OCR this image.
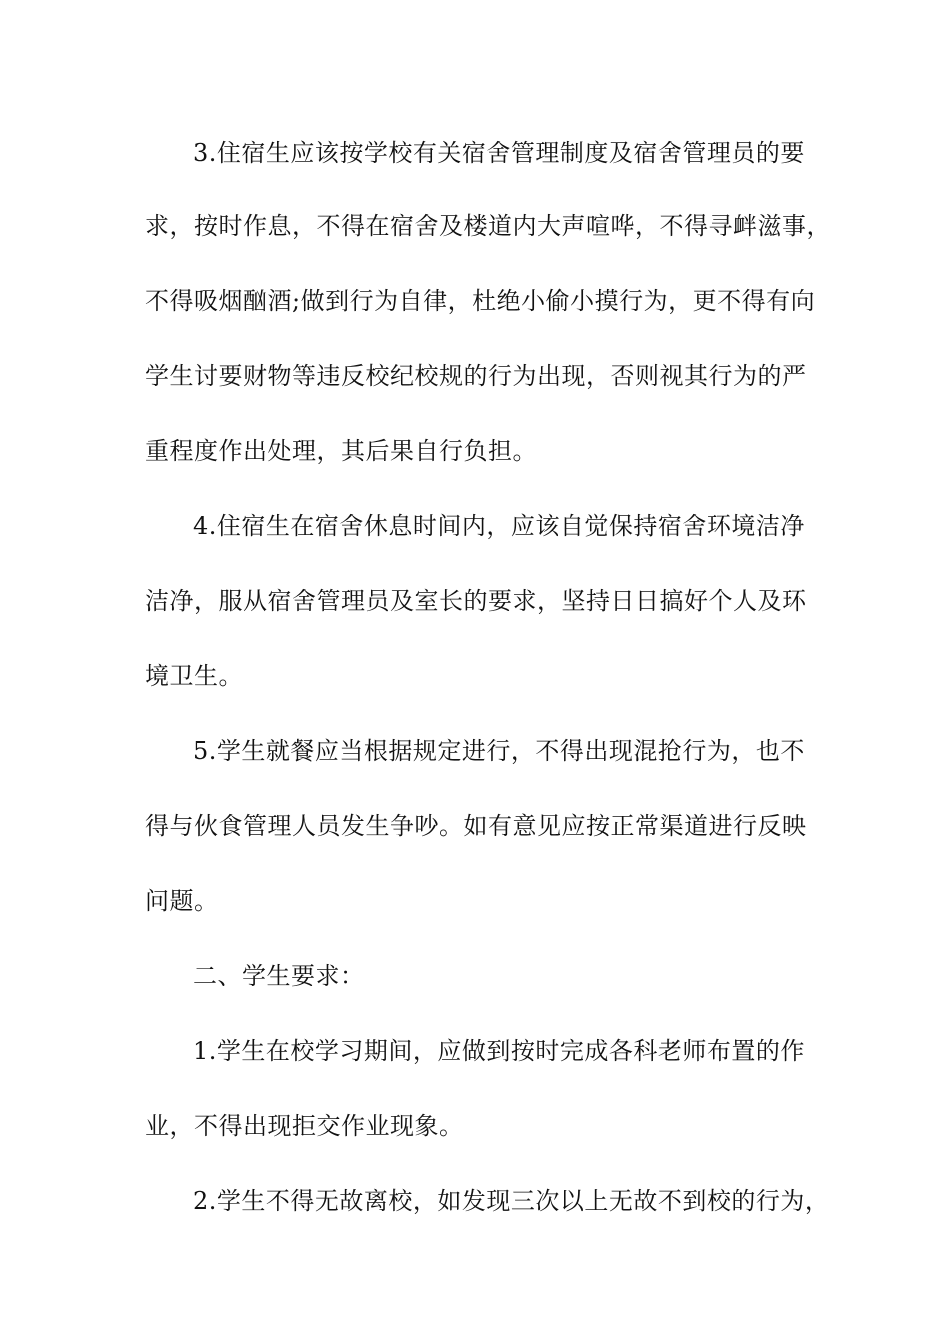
3.住宿生应该按学校有关宿舍管理制度及宿舍管理员的要
求，按时作息，不得在宿舍及楼道内大声喧哗，不得寻衅滋事，
不得吸烟酗酒;做到行为自律，杜绝小偷小摸行为，更不得有向
学生讨要财物等违反校纪校规的行为出现，否则视其行为的严
重程度作出处理，其后果自行负担。
4.住宿生在宿舍休息时间内，应该自觉保持宿舍环境洁净
洁净，服从宿舍管理员及室长的要求，坚持日日搞好个人及环
境卫生。
5.学生就餐应当根据规定进行，不得出现混抢行为，也不
得与伙食管理人员发生争吵。如有意见应按正常渠道进行反映
问题。
二、学生要求：
1.学生在校学习期间，应做到按时完成各科老师布置的作
业，不得出现拒交作业现象。
2.学生不得无故离校，如发现三次以上无故不到校的行为，
